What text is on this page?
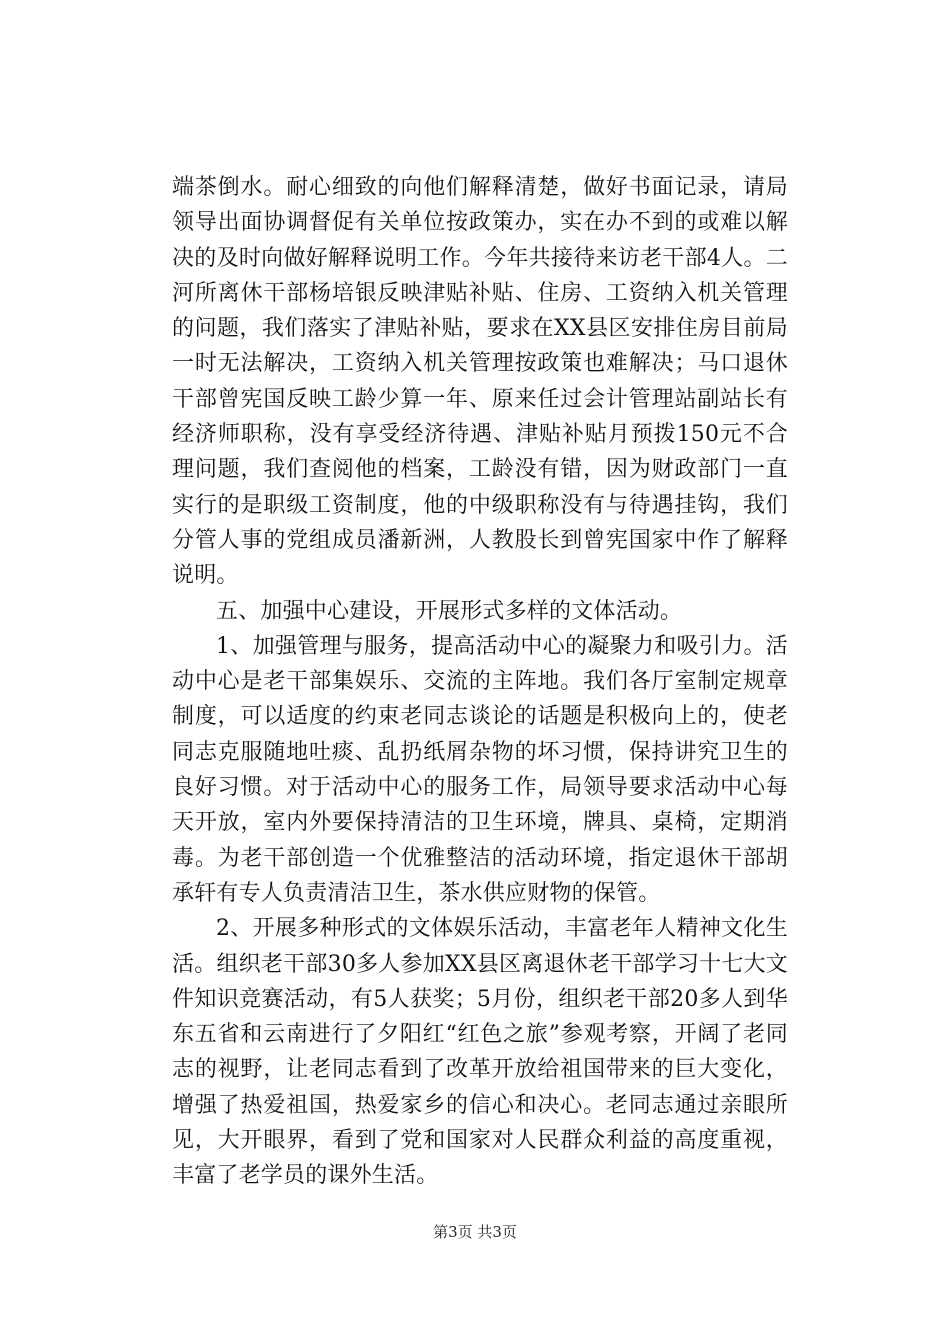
端茶倒水。耐心细致的向他们解释清楚，做好书面记录，请局领导出面协调督促有关单位按政策办，实在办不到的或难以解决的及时向做好解释说明工作。今年共接待来访老干部4人。二河所离休干部杨培银反映津贴补贴、住房、工资纳入机关管理的问题，我们落实了津贴补贴，要求在XX县区安排住房目前局一时无法解决，工资纳入机关管理按政策也难解决；马口退休干部曾宪国反映工龄少算一年、原来任过会计管理站副站长有经济师职称，没有享受经济待遇、津贴补贴月预拨150元不合理问题，我们查阅他的档案，工龄没有错，因为财政部门一直实行的是职级工资制度，他的中级职称没有与待遇挂钩，我们分管人事的党组成员潘新洲，人教股长到曾宪国家中作了解释说明。

五、加强中心建设，开展形式多样的文体活动。

1、加强管理与服务，提高活动中心的凝聚力和吸引力。活动中心是老干部集娱乐、交流的主阵地。我们各厅室制定规章制度，可以适度的约束老同志谈论的话题是积极向上的，使老同志克服随地吐痰、乱扔纸屑杂物的坏习惯，保持讲究卫生的良好习惯。对于活动中心的服务工作，局领导要求活动中心每天开放，室内外要保持清洁的卫生环境，牌具、桌椅，定期消毒。为老干部创造一个优雅整洁的活动环境，指定退休干部胡承轩有专人负责清洁卫生，茶水供应财物的保管。

2、开展多种形式的文体娱乐活动，丰富老年人精神文化生活。组织老干部30多人参加XX县区离退休老干部学习十七大文件知识竞赛活动，有5人获奖；5月份，组织老干部20多人到华东五省和云南进行了夕阳红“红色之旅”参观考察，开阔了老同志的视野，让老同志看到了改革开放给祖国带来的巨大变化，增强了热爱祖国，热爱家乡的信心和决心。老同志通过亲眼所见，大开眼界，看到了党和国家对人民群众利益的高度重视，丰富了老学员的课外生活。

第3页 共3页
